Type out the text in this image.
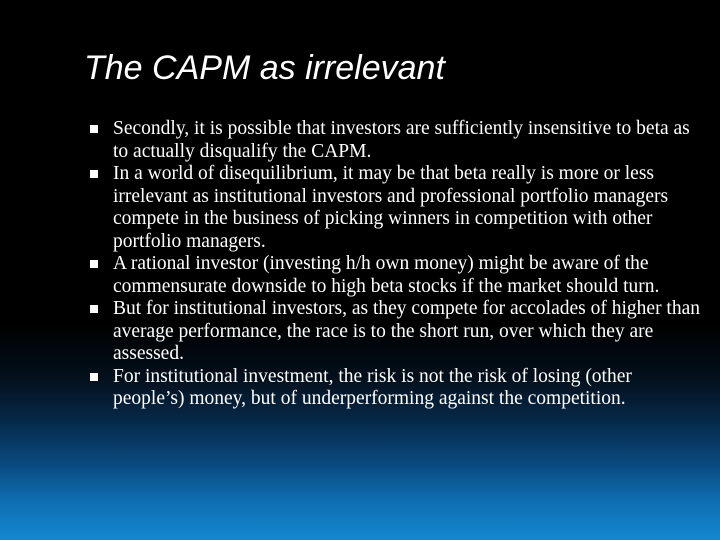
The CAPM as irrelevant
Secondly, it is possible that investors are sufficiently insensitive to beta as to actually disqualify the CAPM.
In a world of disequilibrium, it may be that beta really is more or less irrelevant as institutional investors and professional portfolio managers compete in the business of picking winners in competition with other portfolio managers.
A rational investor (investing h/h own money) might be aware of the commensurate downside to high beta stocks if the market should turn.
But for institutional investors, as they compete for accolades of higher than average performance, the race is to the short run, over which they are assessed.
For institutional investment, the risk is not the risk of losing (other people’s) money, but of underperforming against the competition.
